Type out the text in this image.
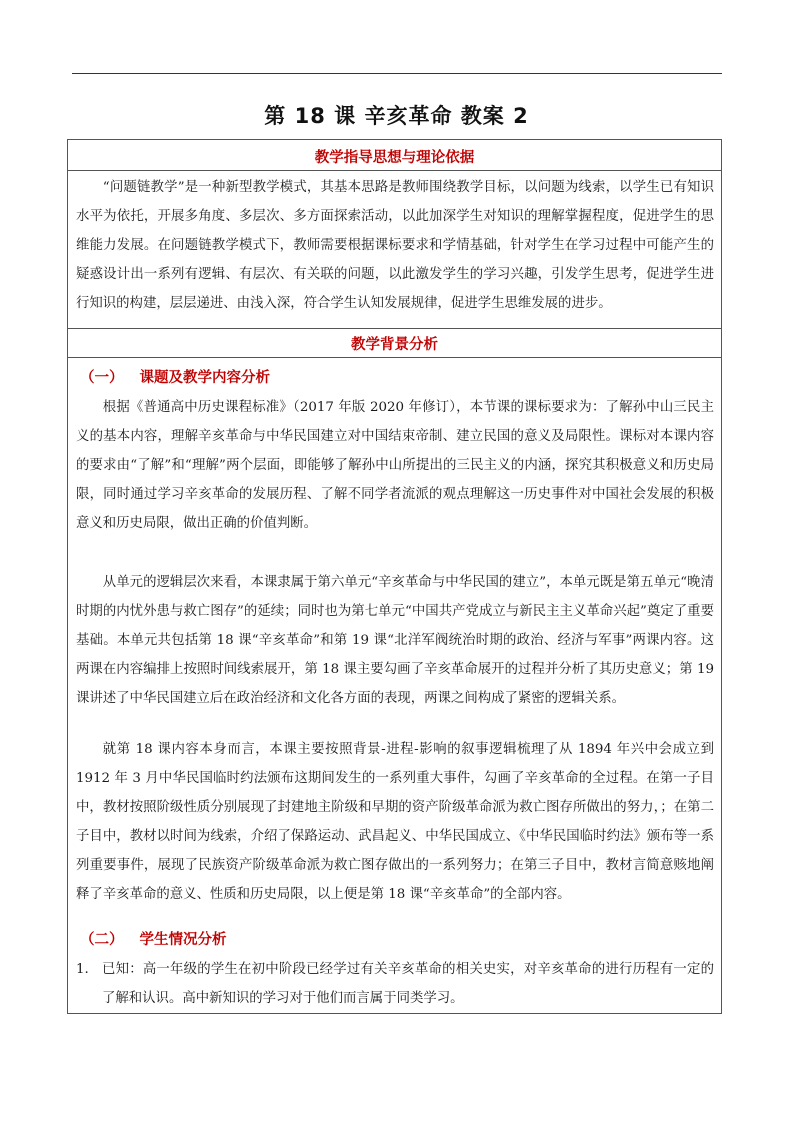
第 18 课 辛亥革命 教案 2
教学指导思想与理论依据

“问题链教学”是一种新型教学模式，其基本思路是教师围绕教学目标，以问题为线索，以学生已有知识水平为依托，开展多角度、多层次、多方面探索活动，以此加深学生对知识的理解掌握程度，促进学生的思维能力发展。在问题链教学模式下，教师需要根据课标要求和学情基础，针对学生在学习过程中可能产生的疑惑设计出一系列有逻辑、有层次、有关联的问题，以此激发学生的学习兴趣，引发学生思考，促进学生进行知识的构建，层层递进、由浅入深，符合学生认知发展规律，促进学生思维发展的进步。

教学背景分析
（一） 课题及教学内容分析

根据《普通高中历史课程标准》（2017 年版 2020 年修订），本节课的课标要求为：了解孙中山三民主义的基本内容，理解辛亥革命与中华民国建立对中国结束帝制、建立民国的意义及局限性。课标对本课内容的要求由“了解”和“理解”两个层面，即能够了解孙中山所提出的三民主义的内涵，探究其积极意义和历史局限，同时通过学习辛亥革命的发展历程、了解不同学者流派的观点理解这一历史事件对中国社会发展的积极意义和历史局限，做出正确的价值判断。

从单元的逻辑层次来看，本课隶属于第六单元“辛亥革命与中华民国的建立”，本单元既是第五单元“晚清时期的内忧外患与救亡图存”的延续；同时也为第七单元“中国共产党成立与新民主主义革命兴起”奠定了重要基础。本单元共包括第 18 课“辛亥革命”和第 19 课“北洋军阀统治时期的政治、经济与军事”两课内容。这两课在内容编排上按照时间线索展开，第 18 课主要勾画了辛亥革命展开的过程并分析了其历史意义；第 19 课讲述了中华民国建立后在政治经济和文化各方面的表现，两课之间构成了紧密的逻辑关系。

就第 18 课内容本身而言，本课主要按照背景-进程-影响的叙事逻辑梳理了从 1894 年兴中会成立到 1912 年 3 月中华民国临时约法颁布这期间发生的一系列重大事件，勾画了辛亥革命的全过程。在第一子目中，教材按照阶级性质分别展现了封建地主阶级和早期的资产阶级革命派为救亡图存所做出的努力，；在第二子目中，教材以时间为线索，介绍了保路运动、武昌起义、中华民国成立、《中华民国临时约法》颁布等一系列重要事件，展现了民族资产阶级革命派为救亡图存做出的一系列努力；在第三子目中，教材言简意赅地阐释了辛亥革命的意义、性质和历史局限，以上便是第 18 课“辛亥革命”的全部内容。

（二） 学生情况分析
1. 已知：高一年级的学生在初中阶段已经学过有关辛亥革命的相关史实，对辛亥革命的进行历程有一定的了解和认识。高中新知识的学习对于他们而言属于同类学习。
